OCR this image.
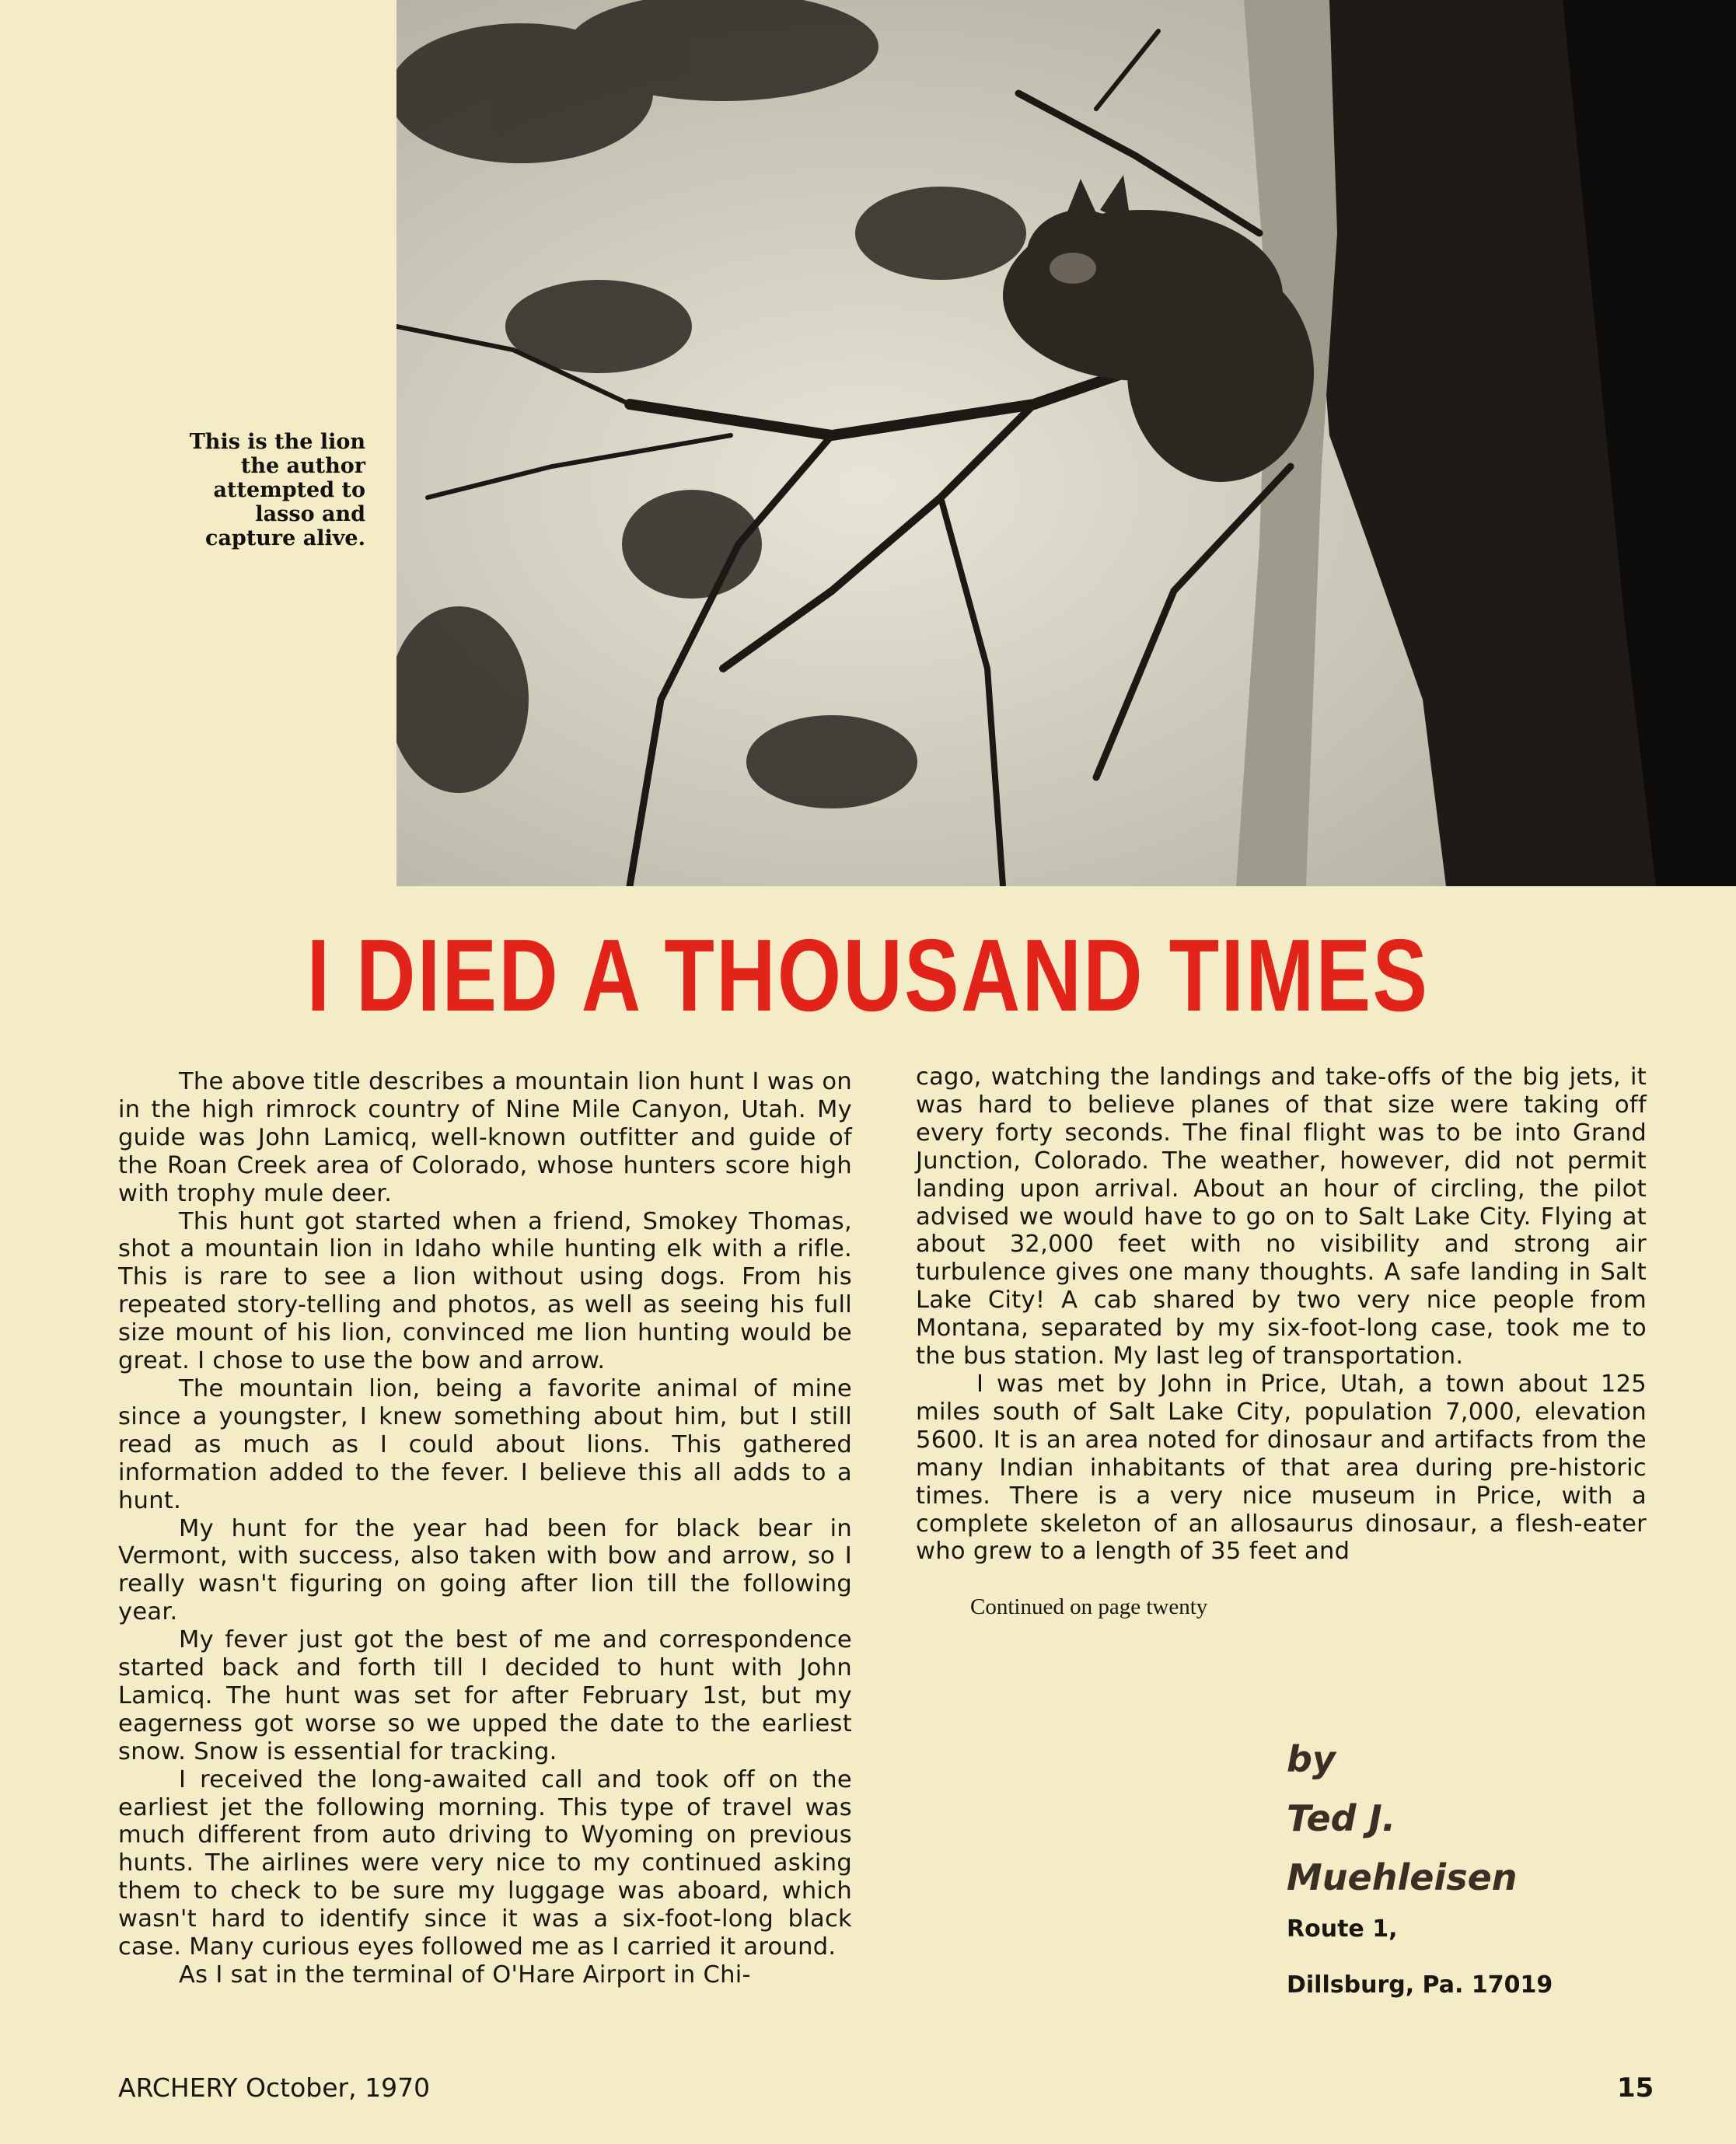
This is the lion
the author
attempted to
lasso and
capture alive.
I DIED A THOUSAND TIMES

The above title describes a mountain lion hunt I was on in the high rimrock country of Nine Mile Canyon, Utah. My guide was John Lamicq, well-known outfitter and guide of the Roan Creek area of Colorado, whose hunters score high with trophy mule deer.

This hunt got started when a friend, Smokey Thomas, shot a mountain lion in Idaho while hunting elk with a rifle. This is rare to see a lion without using dogs. From his repeated story-telling and photos, as well as seeing his full size mount of his lion, convinced me lion hunting would be great. I chose to use the bow and arrow.

The mountain lion, being a favorite animal of mine since a youngster, I knew something about him, but I still read as much as I could about lions. This gathered information added to the fever. I believe this all adds to a hunt.

My hunt for the year had been for black bear in Vermont, with success, also taken with bow and arrow, so I really wasn't figuring on going after lion till the following year.

My fever just got the best of me and correspondence started back and forth till I decided to hunt with John Lamicq. The hunt was set for after February 1st, but my eagerness got worse so we upped the date to the earliest snow. Snow is essential for tracking.

I received the long-awaited call and took off on the earliest jet the following morning. This type of travel was much different from auto driving to Wyoming on previous hunts. The airlines were very nice to my continued asking them to check to be sure my luggage was aboard, which wasn't hard to identify since it was a six-foot-long black case. Many curious eyes followed me as I carried it around.

As I sat in the terminal of O'Hare Airport in Chi-

cago, watching the landings and take-offs of the big jets, it was hard to believe planes of that size were taking off every forty seconds. The final flight was to be into Grand Junction, Colorado. The weather, however, did not permit landing upon arrival. About an hour of circling, the pilot advised we would have to go on to Salt Lake City. Flying at about 32,000 feet with no visibility and strong air turbulence gives one many thoughts. A safe landing in Salt Lake City! A cab shared by two very nice people from Montana, separated by my six-foot-long case, took me to the bus station. My last leg of transportation.

I was met by John in Price, Utah, a town about 125 miles south of Salt Lake City, population 7,000, elevation 5600. It is an area noted for dinosaur and artifacts from the many Indian inhabitants of that area during pre-historic times. There is a very nice museum in Price, with a complete skeleton of an allosaurus dinosaur, a flesh-eater who grew to a length of 35 feet and

Continued on page twenty
by
Ted J.
Muehleisen
Route 1,
Dillsburg, Pa. 17019
ARCHERY October, 1970	15
